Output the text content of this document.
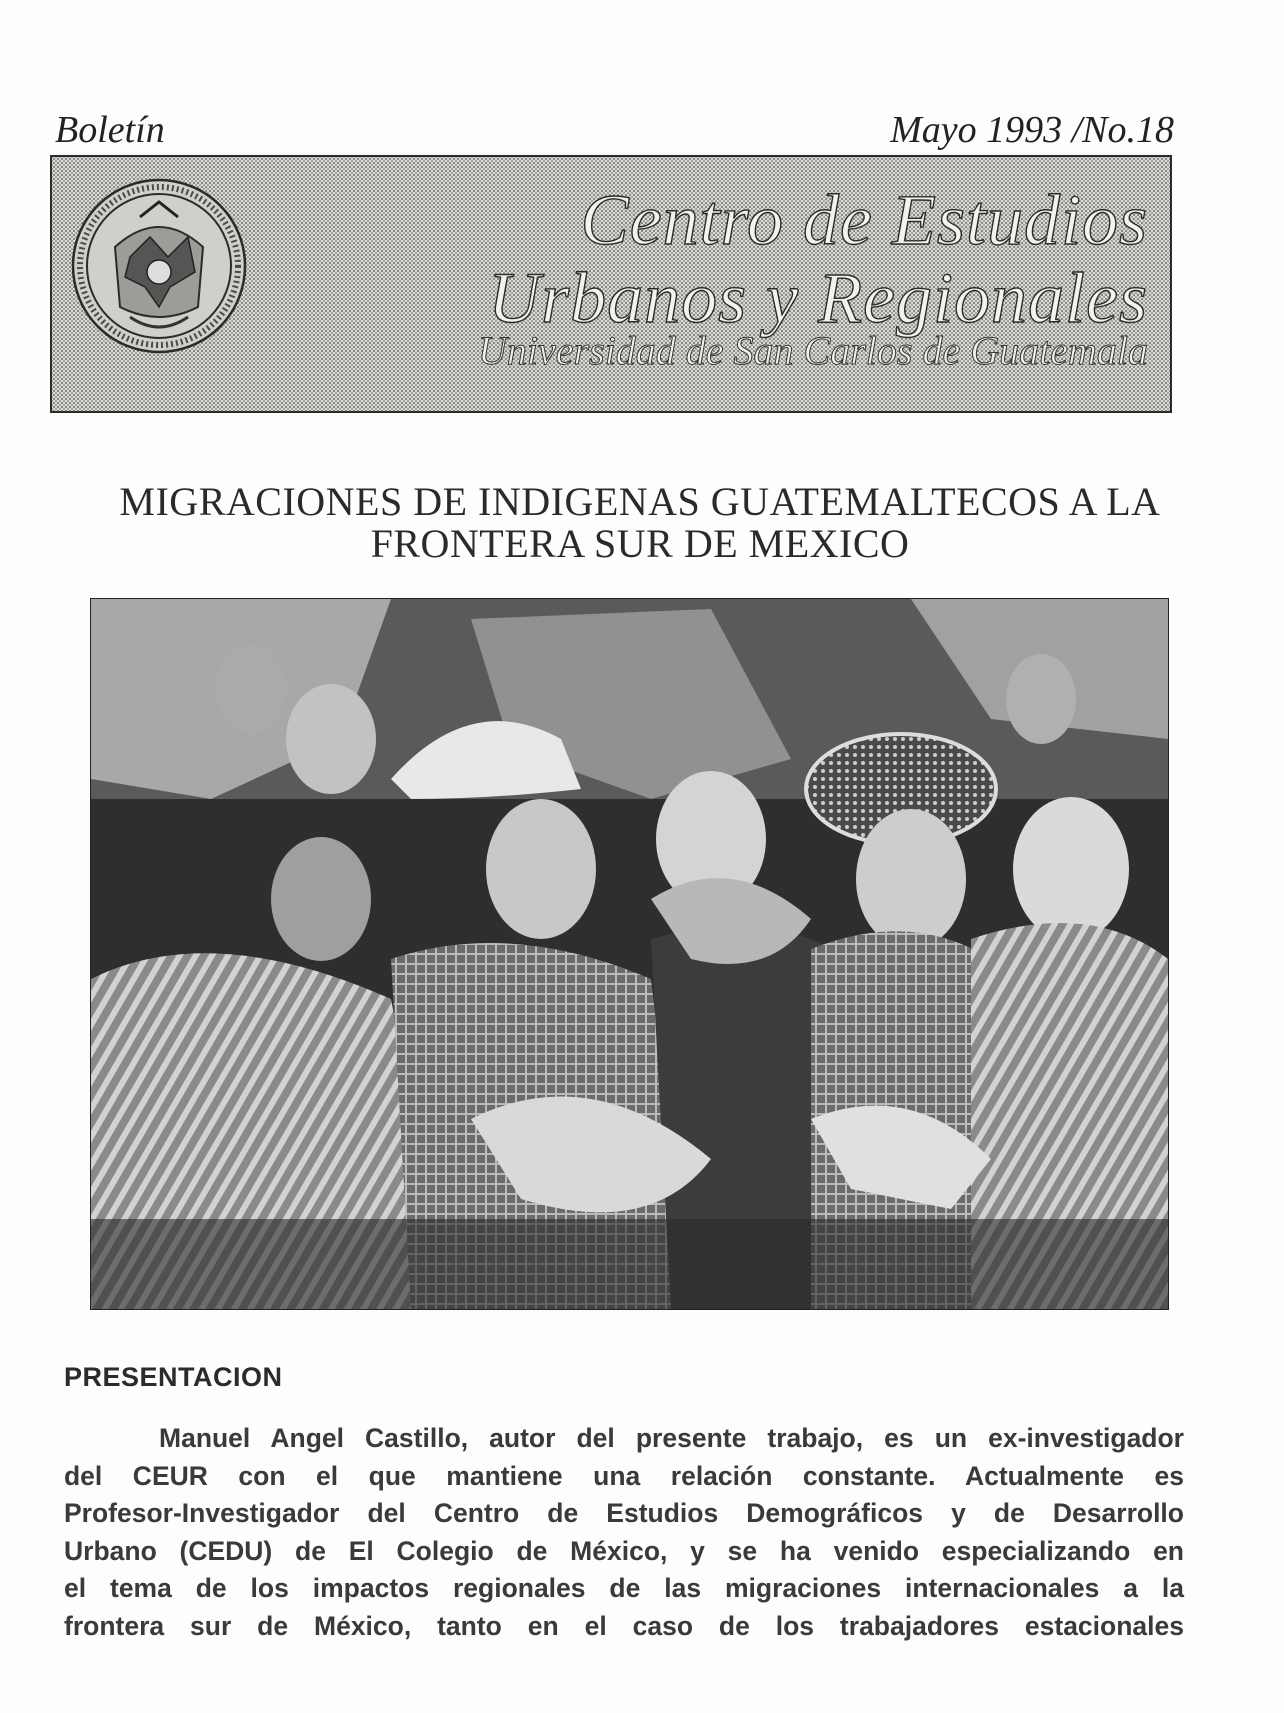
Boletín	Mayo 1993 /No.18
Centro de Estudios
Urbanos y Regionales
Universidad de San Carlos de Guatemala
MIGRACIONES DE INDIGENAS GUATEMALTECOS A LA
FRONTERA SUR DE MEXICO
PRESENTACION
Manuel Angel Castillo, autor del presente trabajo, es un ex-investigador
del CEUR con el que mantiene una relación constante. Actualmente es
Profesor-Investigador del Centro de Estudios Demográficos y de Desarrollo
Urbano (CEDU) de El Colegio de México, y se ha venido especializando en
el tema de los impactos regionales de las migraciones internacionales a la
frontera sur de México, tanto en el caso de los trabajadores estacionales
